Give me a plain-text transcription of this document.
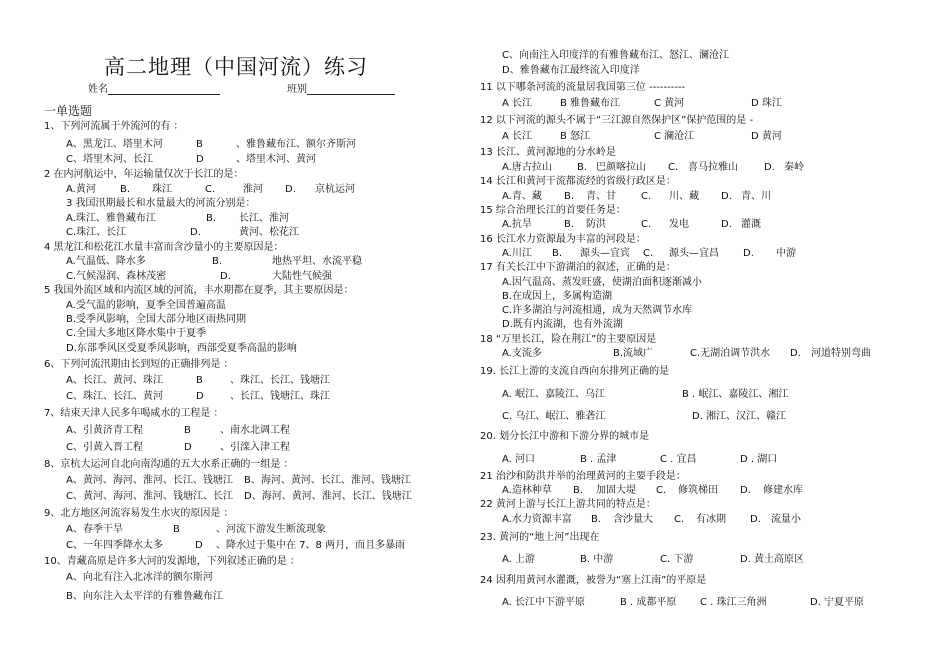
高二地理（中国河流）练习
姓名	班别
一单选题
1、下列河流属于外流河的有 ：
A、黑龙江、塔里木河	B	、雅鲁藏布江、额尔齐斯河
C、塔里木河、长江	D	、塔里木河、黄河
2 在内河航运中，年运输量仅次于长江的是：
A.黄河 B. 珠江	C.	淮河 D. 京杭运河
3 我国汛期最长和水量最大的河流分别是：
A.珠江、雅鲁藏布江	B. 长江、淮河
C.珠江、长江	D.	黄河、松花江
4 黑龙江和松花江水量丰富而含沙量小的主要原因是：
A.气温低、降水多	B.	地热平坦、水流平稳
C.气候湿润、森林茂密	D.	大陆性气候强
5 我国外流区域和内流区域的河流，丰水期都在夏季，其主要原因是：
A.受气温的影响，夏季全国普遍高温
B.受季风影响，全国大部分地区雨热同期
C.全国大多地区降水集中于夏季
D.东部季风区受夏季风影响，西部受夏季高温的影响
6、下列河流汛期由长到短的正确排列是 ：
A、长江、黄河、珠江	B	、珠江、长江、钱塘江
C、珠江、长江、黄河	D	、长江、钱塘江、珠江
7、结束天津人民多年喝咸水的工程是 ：
A、引黄济青工程	B	、南水北调工程
C、引黄入晋工程	D	、引滦入津工程
8、京杭大运河自北向南沟通的五大水系正确的一组是 ：
A、黄河、海河、淮河、长江、钱塘江 B、海河、黄河、长江、淮河、钱塘江
C、黄河、海河、淮河、钱塘江、长江 D、海河、黄河、淮河、长江、钱塘江
9、北方地区河流容易发生水灾的原因是 ：
A、春季干旱	B	、河流下游发生断流现象
C、一年四季降水太多	D 、降水过于集中在 7、8 两月，而且多暴雨
10、青藏高原是许多大河的发源地，下列叙述正确的是 ：
A、向北有注入北冰洋的额尔斯河
B、向东注入太平洋的有雅鲁藏布江
C、向南注入印度洋的有雅鲁藏布江、怒江、澜沧江
D、雅鲁藏布江最终流入印度洋
11 以下哪条河流的流量居我国第三位 ----------
A 长江	B 雅鲁藏布江	C 黄河	D 珠江
12 以下河流的源头不属于“三江源自然保护区”保护范围的是 -
A 长江	B 怒江	C 澜沧江	D 黄河
13 长江、黄河源地的分水岭是
A.唐古拉山	B. 巴颜喀拉山 C. 喜马拉雅山	D. 秦岭
14 长江和黄河干流都流经的省级行政区是：
A.青、藏 B. 青、甘	C. 川、藏 D. 青、川
15 综合治理长江的首要任务是：
A.抗旱	B. 防洪	C. 发电	D. 灌溉
16 长江水力资源最为丰富的河段是：
A.川江 B. 源头—宜宾 C. 源头—宜昌 D. 中游
17 有关长江中下游湖泊的叙述，正确的是：
A.因气温高、蒸发旺盛，使湖泊面积逐渐减小
B.在成因上，多属构造湖
C.许多湖泊与河流相通，成为天然调节水库
D.既有内流湖，也有外流湖
18 “万里长江，险在荆江”的主要原因是
A.支流多	B.流域广	C.无湖泊调节洪水 D. 河道特别弯曲
19. 长江上游的支流自西向东排列正确的是
A. 岷江、嘉陵江、乌江	B . 岷江、嘉陵江、湘江
C. 乌江、岷江、雅砻江	D. 湘江、汉江、赣江
20. 划分长江中游和下游分界的城市是
A. 河口	B . 孟津	C . 宜昌	D . 湖口
21 治沙和防洪并举的治理黄河的主要手段是：
A.造林种草 B. 加固大堤 C. 修筑梯田 D. 修建水库
22 黄河上游与长江上游共同的特点是：
A.水力资源丰富 B. 含沙量大 C. 有冰期 D. 流量小
23. 黄河的“地上河”出现在
A. 上游	B. 中游	C. 下游	D. 黄土高原区
24 因利用黄河水灌溉，被誉为“塞上江南”的平原是
A. 长江中下游平原	B . 成都平原 C . 珠江三角洲	D. 宁夏平原
